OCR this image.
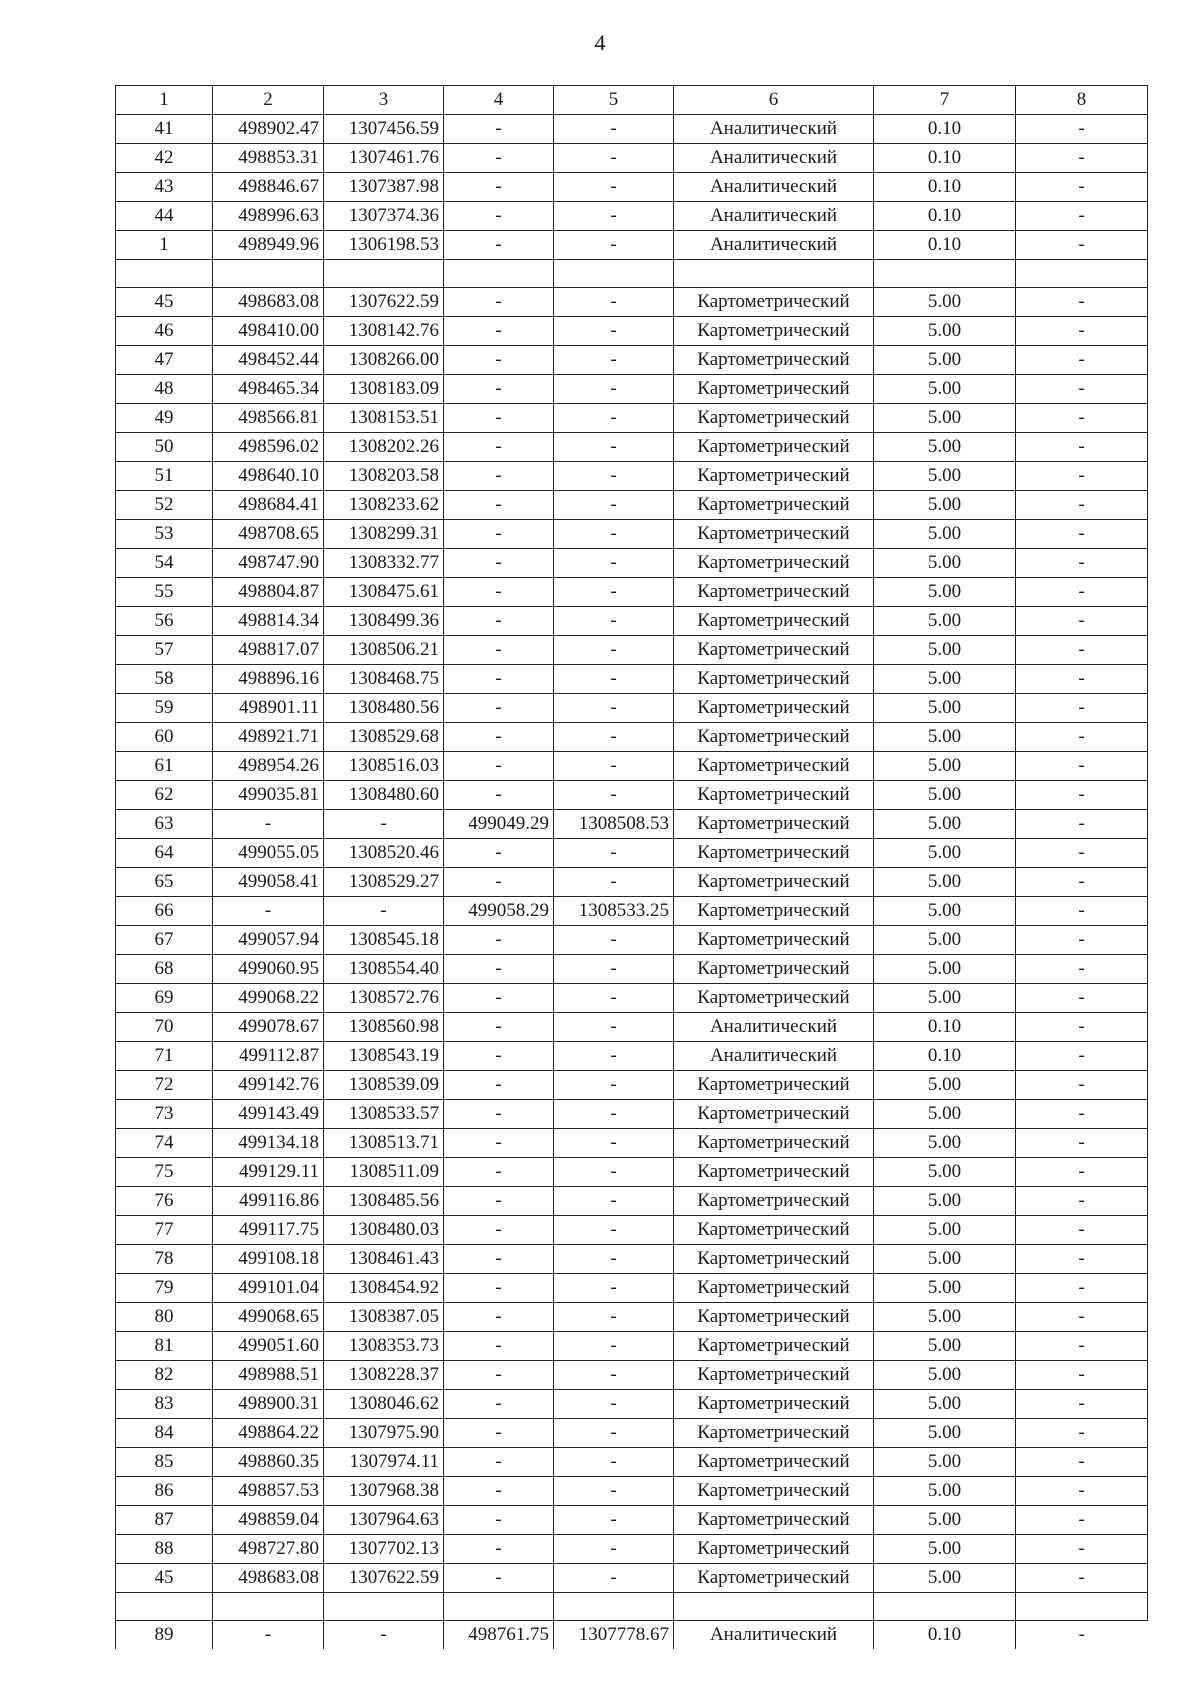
4
1	2	3	4	5	6	7	8
41	498902.47	1307456.59	-	-	Аналитический	0.10	-
42	498853.31	1307461.76	-	-	Аналитический	0.10	-
43	498846.67	1307387.98	-	-	Аналитический	0.10	-
44	498996.63	1307374.36	-	-	Аналитический	0.10	-
1	498949.96	1306198.53	-	-	Аналитический	0.10	-

45	498683.08	1307622.59	-	-	Картометрический	5.00	-
46	498410.00	1308142.76	-	-	Картометрический	5.00	-
47	498452.44	1308266.00	-	-	Картометрический	5.00	-
48	498465.34	1308183.09	-	-	Картометрический	5.00	-
49	498566.81	1308153.51	-	-	Картометрический	5.00	-
50	498596.02	1308202.26	-	-	Картометрический	5.00	-
51	498640.10	1308203.58	-	-	Картометрический	5.00	-
52	498684.41	1308233.62	-	-	Картометрический	5.00	-
53	498708.65	1308299.31	-	-	Картометрический	5.00	-
54	498747.90	1308332.77	-	-	Картометрический	5.00	-
55	498804.87	1308475.61	-	-	Картометрический	5.00	-
56	498814.34	1308499.36	-	-	Картометрический	5.00	-
57	498817.07	1308506.21	-	-	Картометрический	5.00	-
58	498896.16	1308468.75	-	-	Картометрический	5.00	-
59	498901.11	1308480.56	-	-	Картометрический	5.00	-
60	498921.71	1308529.68	-	-	Картометрический	5.00	-
61	498954.26	1308516.03	-	-	Картометрический	5.00	-
62	499035.81	1308480.60	-	-	Картометрический	5.00	-
63	-	-	499049.29	1308508.53	Картометрический	5.00	-
64	499055.05	1308520.46	-	-	Картометрический	5.00	-
65	499058.41	1308529.27	-	-	Картометрический	5.00	-
66	-	-	499058.29	1308533.25	Картометрический	5.00	-
67	499057.94	1308545.18	-	-	Картометрический	5.00	-
68	499060.95	1308554.40	-	-	Картометрический	5.00	-
69	499068.22	1308572.76	-	-	Картометрический	5.00	-
70	499078.67	1308560.98	-	-	Аналитический	0.10	-
71	499112.87	1308543.19	-	-	Аналитический	0.10	-
72	499142.76	1308539.09	-	-	Картометрический	5.00	-
73	499143.49	1308533.57	-	-	Картометрический	5.00	-
74	499134.18	1308513.71	-	-	Картометрический	5.00	-
75	499129.11	1308511.09	-	-	Картометрический	5.00	-
76	499116.86	1308485.56	-	-	Картометрический	5.00	-
77	499117.75	1308480.03	-	-	Картометрический	5.00	-
78	499108.18	1308461.43	-	-	Картометрический	5.00	-
79	499101.04	1308454.92	-	-	Картометрический	5.00	-
80	499068.65	1308387.05	-	-	Картометрический	5.00	-
81	499051.60	1308353.73	-	-	Картометрический	5.00	-
82	498988.51	1308228.37	-	-	Картометрический	5.00	-
83	498900.31	1308046.62	-	-	Картометрический	5.00	-
84	498864.22	1307975.90	-	-	Картометрический	5.00	-
85	498860.35	1307974.11	-	-	Картометрический	5.00	-
86	498857.53	1307968.38	-	-	Картометрический	5.00	-
87	498859.04	1307964.63	-	-	Картометрический	5.00	-
88	498727.80	1307702.13	-	-	Картометрический	5.00	-
45	498683.08	1307622.59	-	-	Картометрический	5.00	-

89	-	-	498761.75	1307778.67	Аналитический	0.10	-
